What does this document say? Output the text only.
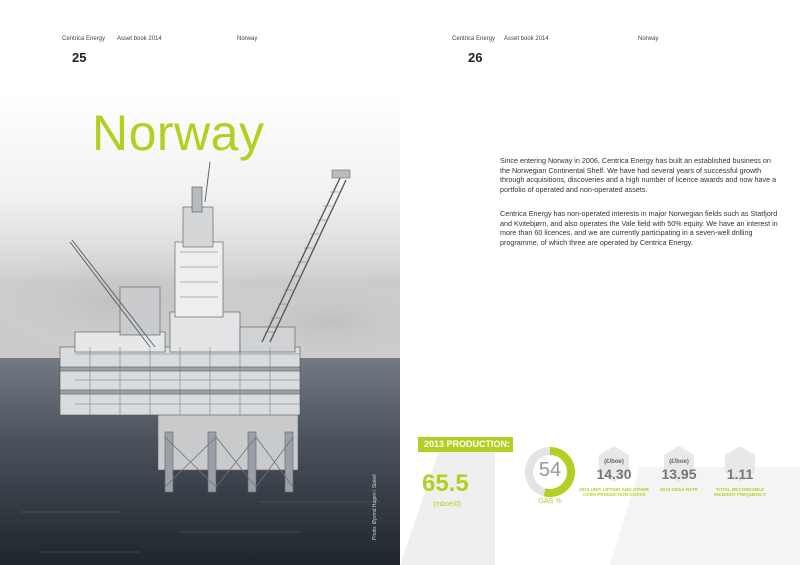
Centrica Energy Asset book 2014	Norway
25
Norway
Photo: Øyvind Hagen / Statoil
Centrica Energy Asset book 2014	Norway
26

Since entering Norway in 2006, Centrica Energy has built an established business on the Norwegian Continental Shelf. We have had several years of successful growth through acquisitions, discoveries and a high number of licence awards and now have a portfolio of operated and non-operated assets.

Centrica Energy has non-operated interests in major Norwegian fields such as Statfjord and Kvitebjørn, and also operates the Vale field with 50% equity. We have an interest in more than 60 licences, and we are currently participating in a seven-well drilling programme, of which three are operated by Centrica Energy.

2013 PRODUCTION:
65.5
(mboe/d)
54
GAS %
(£/boe)
14.30
2013 UNIT LIFTING AND OTHER CASH PRODUCTION COSTS
(£/boe)
13.95
2013 DD&A RATE
1.11
TOTAL RECORDABLE INCIDENT FREQUENCY
